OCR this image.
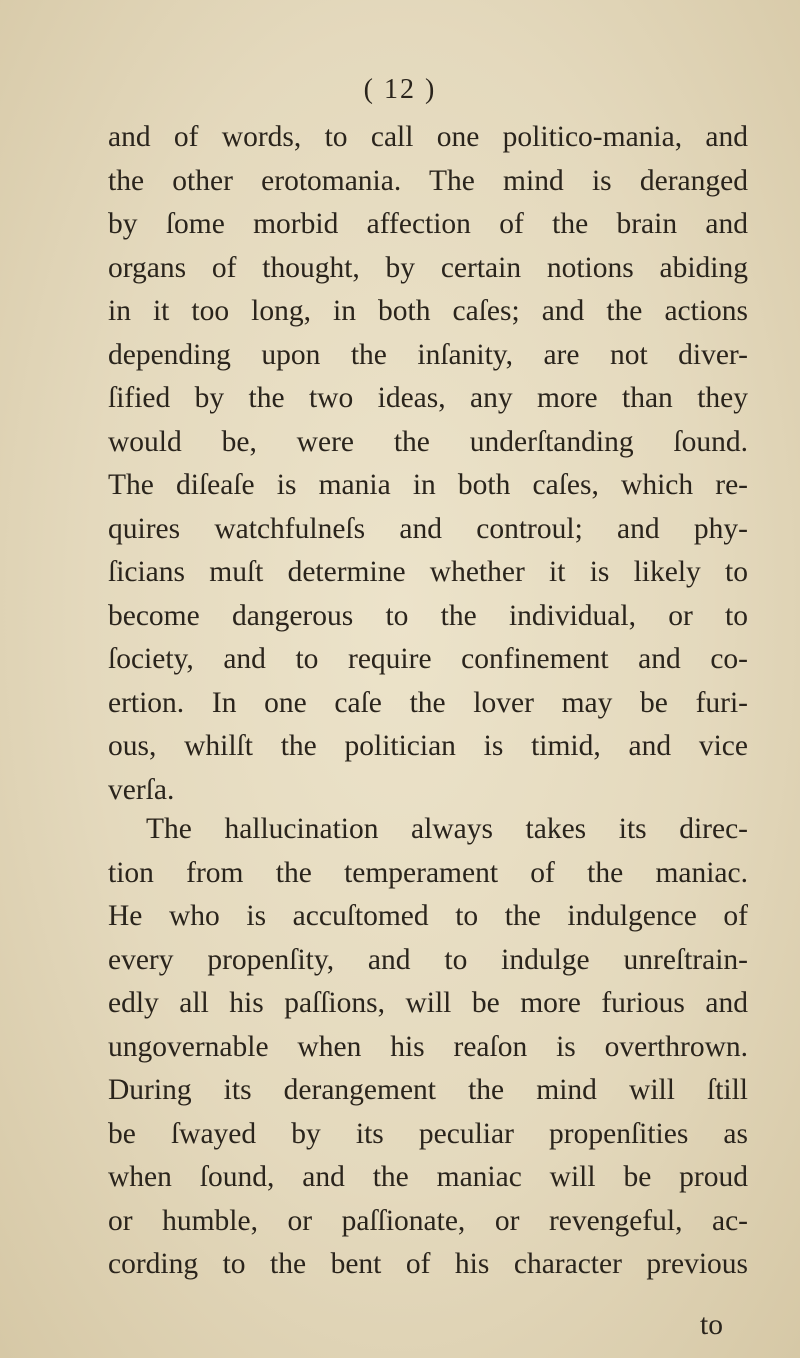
( 12 )
and of words, to call one politico-mania, and
the other erotomania. The mind is deranged
by ſome morbid affection of the brain and
organs of thought, by certain notions abiding
in it too long, in both caſes; and the actions
depending upon the inſanity, are not diver-
ſified by the two ideas, any more than they
would be, were the underſtanding ſound.
The diſeaſe is mania in both caſes, which re-
quires watchfulneſs and controul; and phy-
ſicians muſt determine whether it is likely to
become dangerous to the individual, or to
ſociety, and to require confinement and co-
ertion. In one caſe the lover may be furi-
ous, whilſt the politician is timid, and vice
verſa.
The hallucination always takes its direc-
tion from the temperament of the maniac.
He who is accuſtomed to the indulgence of
every propenſity, and to indulge unreſtrain-
edly all his paſſions, will be more furious and
ungovernable when his reaſon is overthrown.
During its derangement the mind will ſtill
be ſwayed by its peculiar propenſities as
when ſound, and the maniac will be proud
or humble, or paſſionate, or revengeful, ac-
cording to the bent of his character previous
to
